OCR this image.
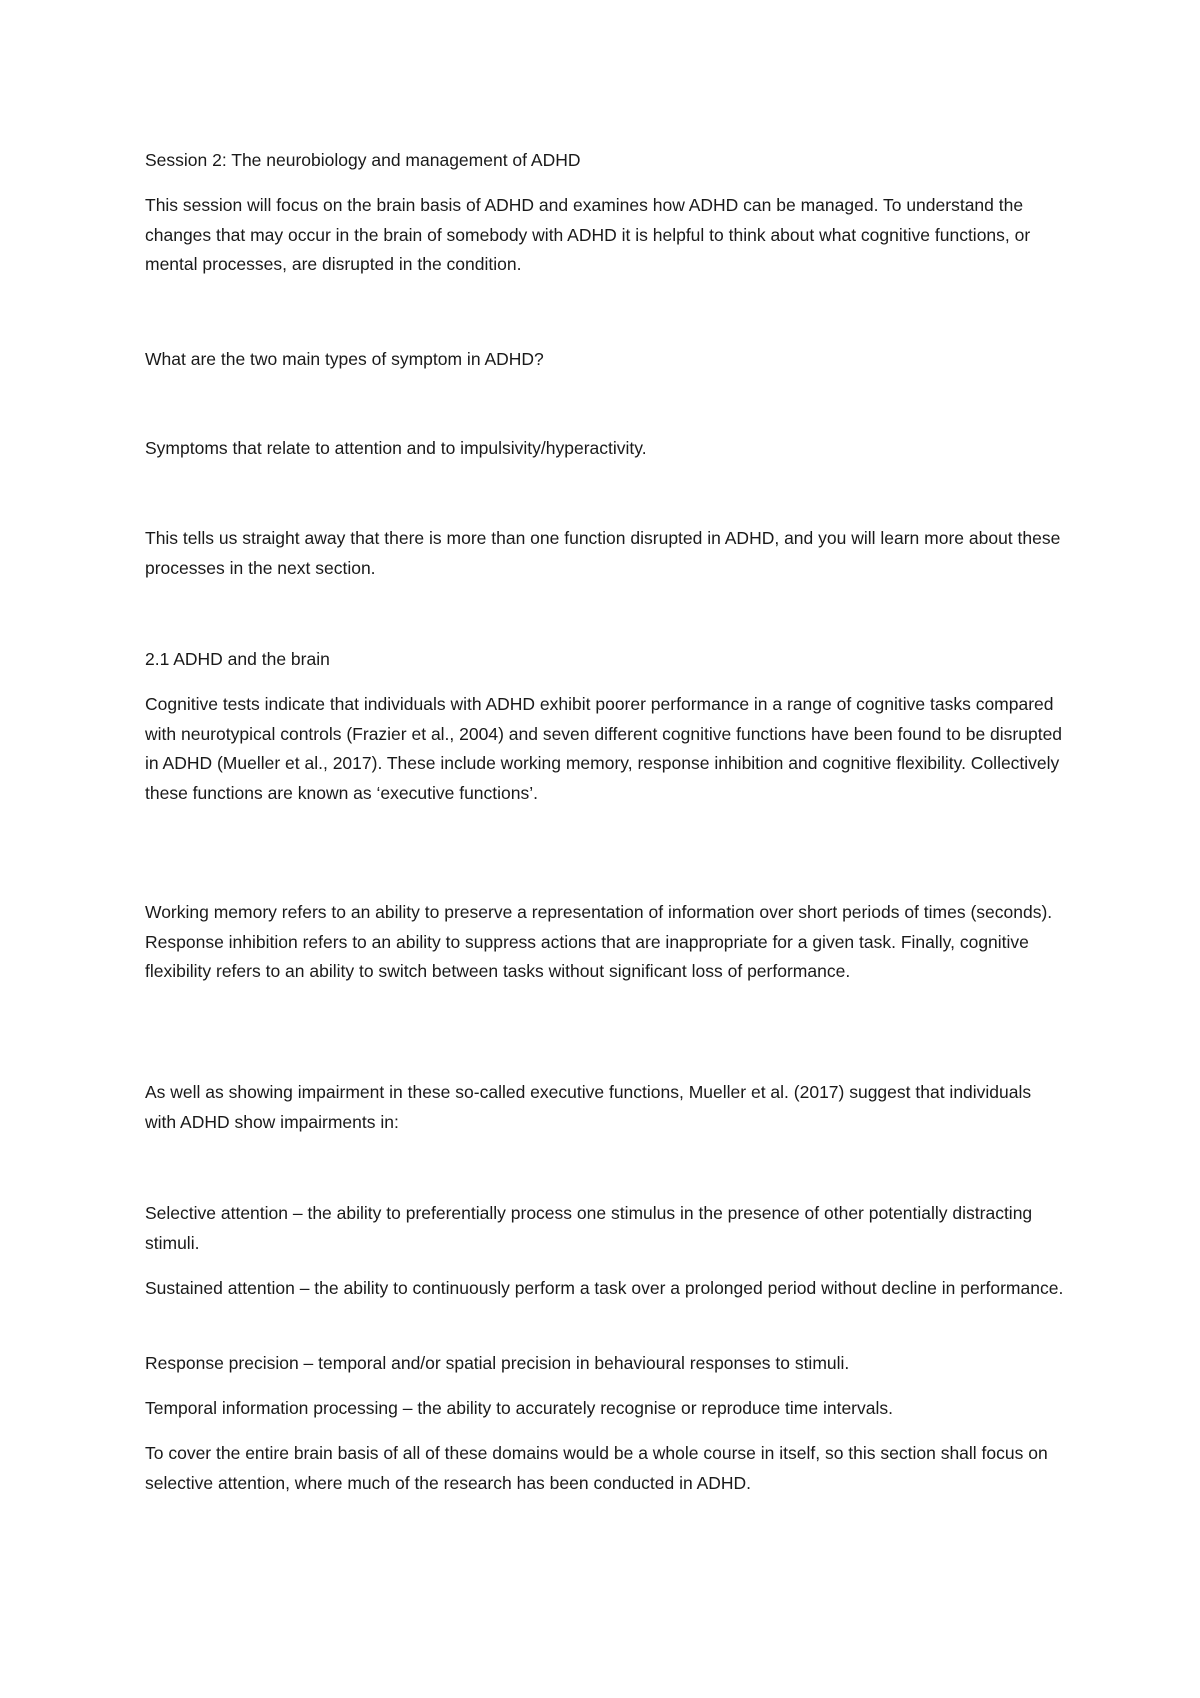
Session 2: The neurobiology and management of ADHD

This session will focus on the brain basis of ADHD and examines how ADHD can be managed. To understand the changes that may occur in the brain of somebody with ADHD it is helpful to think about what cognitive functions, or mental processes, are disrupted in the condition.

What are the two main types of symptom in ADHD?

Symptoms that relate to attention and to impulsivity/hyperactivity.

This tells us straight away that there is more than one function disrupted in ADHD, and you will learn more about these processes in the next section.

2.1 ADHD and the brain

Cognitive tests indicate that individuals with ADHD exhibit poorer performance in a range of cognitive tasks compared with neurotypical controls (Frazier et al., 2004) and seven different cognitive functions have been found to be disrupted in ADHD (Mueller et al., 2017). These include working memory, response inhibition and cognitive flexibility. Collectively these functions are known as ‘executive functions’.

Working memory refers to an ability to preserve a representation of information over short periods of times (seconds). Response inhibition refers to an ability to suppress actions that are inappropriate for a given task. Finally, cognitive flexibility refers to an ability to switch between tasks without significant loss of performance.

As well as showing impairment in these so-called executive functions, Mueller et al. (2017) suggest that individuals with ADHD show impairments in:

Selective attention – the ability to preferentially process one stimulus in the presence of other potentially distracting stimuli.

Sustained attention – the ability to continuously perform a task over a prolonged period without decline in performance.

Response precision – temporal and/or spatial precision in behavioural responses to stimuli.

Temporal information processing – the ability to accurately recognise or reproduce time intervals.

To cover the entire brain basis of all of these domains would be a whole course in itself, so this section shall focus on selective attention, where much of the research has been conducted in ADHD.
